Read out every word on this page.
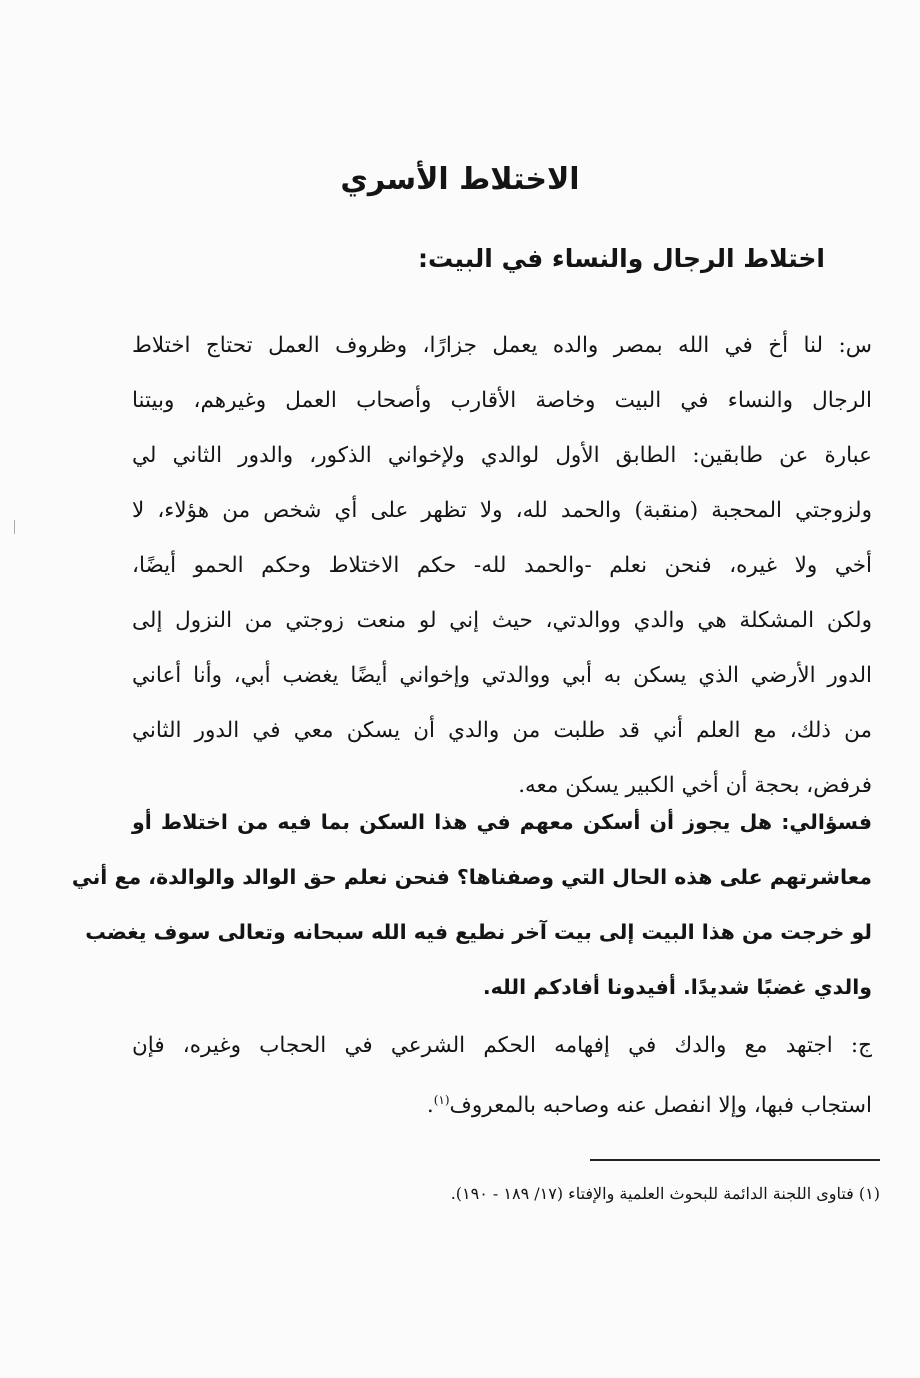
الاختلاط الأسري
اختلاط الرجال والنساء في البيت:
س: لنا أخ في الله بمصر والده يعمل جزارًا، وظروف العمل تحتاج اختلاط
الرجال والنساء في البيت وخاصة الأقارب وأصحاب العمل وغيرهم، وبيتنا
عبارة عن طابقين: الطابق الأول لوالدي ولإخواني الذكور، والدور الثاني لي
ولزوجتي المحجبة (منقبة) والحمد لله، ولا تظهر على أي شخص من هؤلاء، لا
أخي ولا غيره، فنحن نعلم -والحمد لله- حكم الاختلاط وحكم الحمو أيضًا،
ولكن المشكلة هي والدي ووالدتي، حيث إني لو منعت زوجتي من النزول إلى
الدور الأرضي الذي يسكن به أبي ووالدتي وإخواني أيضًا يغضب أبي، وأنا أعاني
من ذلك، مع العلم أني قد طلبت من والدي أن يسكن معي في الدور الثاني
فرفض، بحجة أن أخي الكبير يسكن معه.
فسؤالي: هل يجوز أن أسكن معهم في هذا السكن بما فيه من اختلاط أو
معاشرتهم على هذه الحال التي وصفناها؟ فنحن نعلم حق الوالد والوالدة، مع أني
لو خرجت من هذا البيت إلى بيت آخر نطيع فيه الله سبحانه وتعالى سوف يغضب
والدي غضبًا شديدًا. أفيدونا أفادكم الله.
ج: اجتهد مع والدك في إفهامه الحكم الشرعي في الحجاب وغيره، فإن
استجاب فبها، وإلا انفصل عنه وصاحبه بالمعروف$^{(١)}$.
(١) فتاوى اللجنة الدائمة للبحوث العلمية والإفتاء (١٧/ ١٨٩ - ١٩٠).
